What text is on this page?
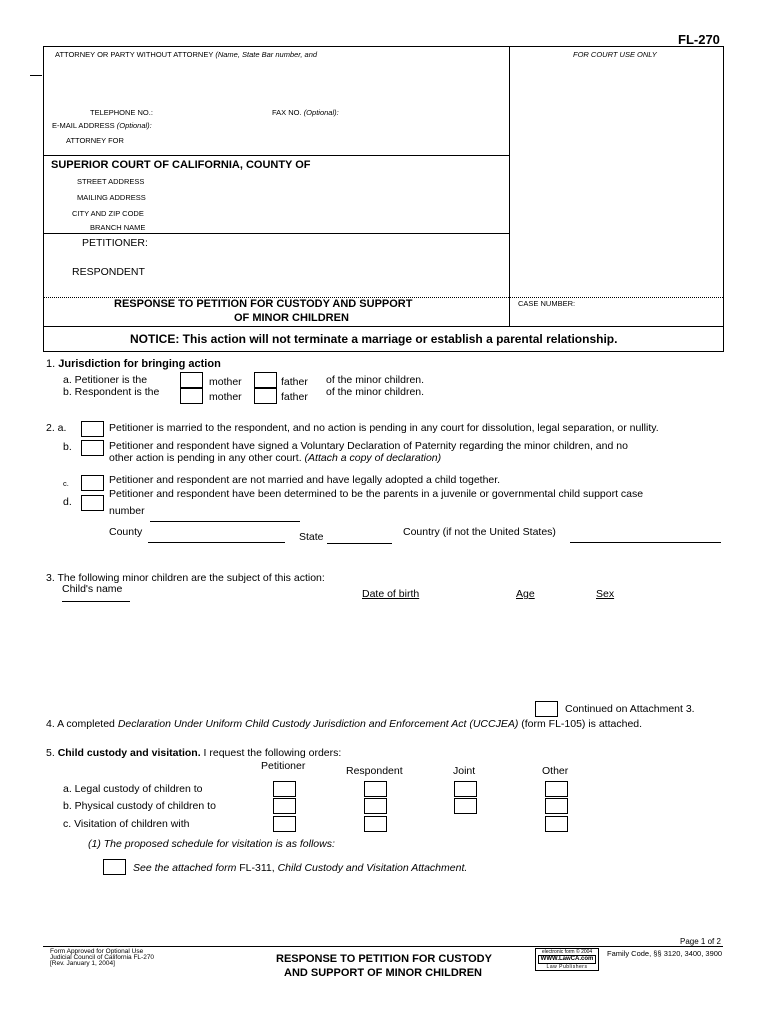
FL-270
ATTORNEY OR PARTY WITHOUT ATTORNEY (Name, State Bar number, and	FOR COURT USE ONLY
TELEPHONE NO.:	FAX NO. (Optional):
E-MAIL ADDRESS (Optional):
ATTORNEY FOR
SUPERIOR COURT OF CALIFORNIA, COUNTY OF
STREET ADDRESS
MAILING ADDRESS
CITY AND ZIP CODE
BRANCH NAME
PETITIONER:
RESPONDENT
RESPONSE TO PETITION FOR CUSTODY AND SUPPORT
OF MINOR CHILDREN
CASE NUMBER:
NOTICE: This action will not terminate a marriage or establish a parental relationship.
1. Jurisdiction for bringing action
a. Petitioner is the
b. Respondent is the
mother	father of the minor children.
mother	father of the minor children.
2. a.	Petitioner is married to the respondent, and no action is pending in any court for dissolution, legal separation, or nullity.
b.	Petitioner and respondent have signed a Voluntary Declaration of Paternity regarding the minor children, and no
other action is pending in any other court. (Attach a copy of declaration)
c.	Petitioner and respondent are not married and have legally adopted a child together.
d.
Petitioner and respondent have been determined to be the parents in a juvenile or governmental child support case
number
County	State	Country (if not the United States)
3. The following minor children are the subject of this action:
Child's name	Date of birth	Age	Sex
Continued on Attachment 3.
4. A completed Declaration Under Uniform Child Custody Jurisdiction and Enforcement Act (UCCJEA) (form FL-105) is attached.
5. Child custody and visitation. I request the following orders:
Petitioner	Respondent	Joint	Other
a. Legal custody of children to
b. Physical custody of children to
c. Visitation of children with
(1) The proposed schedule for visitation is as follows:
See the attached form FL-311, Child Custody and Visitation Attachment.
Page 1 of 2
Form Approved for Optional Use
Judicial Council of California FL-270
[Rev. January 1, 2004]	RESPONSE TO PETITION FOR CUSTODY
AND SUPPORT OF MINOR CHILDREN
electronic form © 2004
WWW.LawCA.com
Law Publishers
Family Code, §§ 3120, 3400, 3900
